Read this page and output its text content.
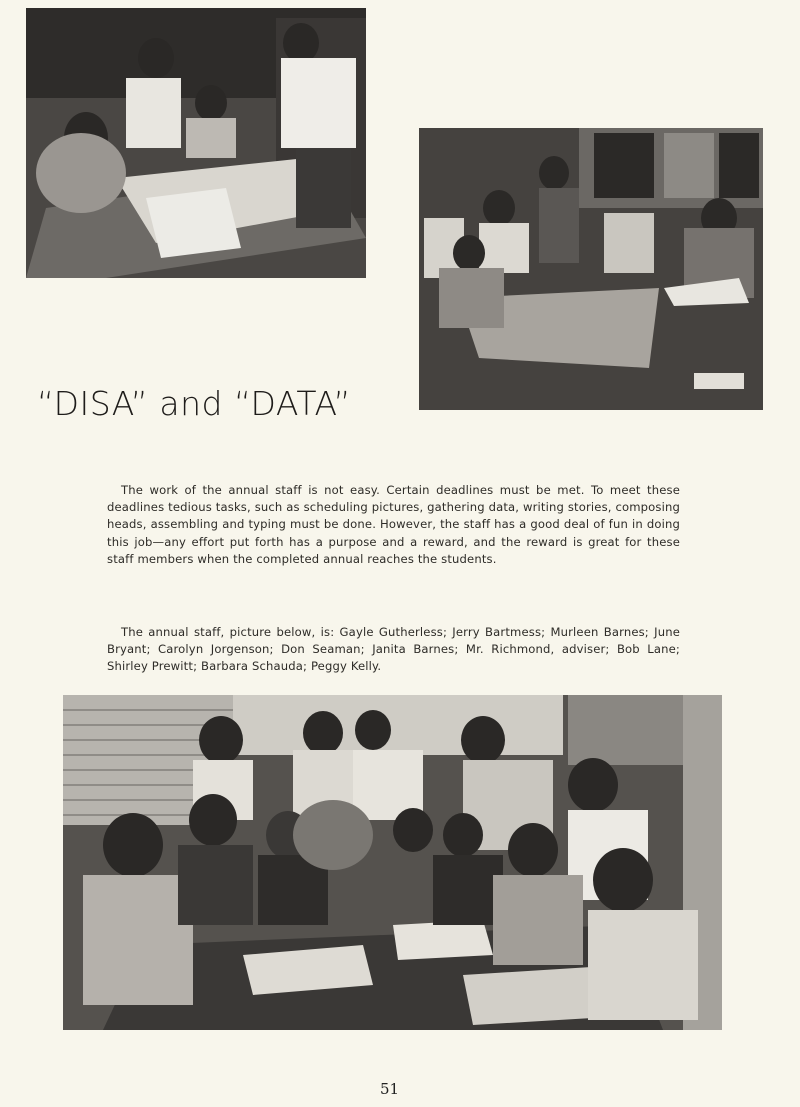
“DISA” and “DATA”

The work of the annual staff is not easy. Certain deadlines must be met. To meet these deadlines tedious tasks, such as scheduling pictures, gathering data, writing stories, composing heads, assembling and typing must be done. However, the staff has a good deal of fun in doing this job—any effort put forth has a purpose and a reward, and the reward is great for these staff members when the completed annual reaches the students.

The annual staff, picture below, is: Gayle Gutherless; Jerry Bartmess; Murleen Barnes; June Bryant; Carolyn Jorgenson; Don Seaman; Janita Barnes; Mr. Richmond, adviser; Bob Lane; Shirley Prewitt; Barbara Schauda; Peggy Kelly.

51
